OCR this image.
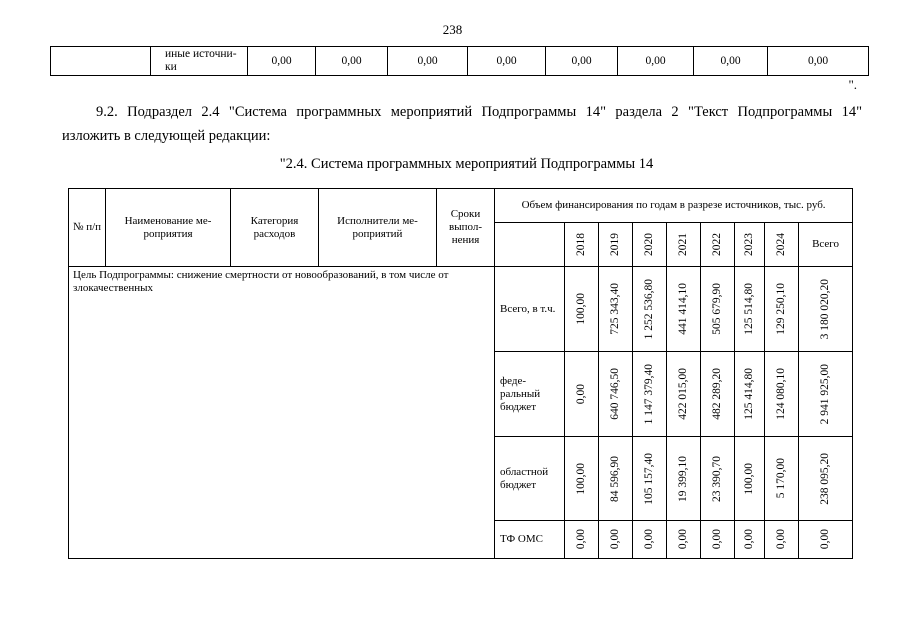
238
	иные источни-ки	0,00	0,00	0,00	0,00	0,00	0,00	0,00	0,00
".
9.2. Подраздел 2.4 "Система программных мероприятий Подпрограммы 14" раздела 2 "Текст Подпрограммы 14"
изложить в следующей редакции:
"2.4. Система программных мероприятий Подпрограммы 14
№ п/п	Наименование ме-роприятия	Категория расходов	Исполнители ме-роприятий	Сроки выпол-нения	Объем финансирования по годам в разрезе источников, тыс. руб.								

						2018	2019	2020	2021	2022	2023	2024	Всего
Цель Подпрограммы: снижение смертности от новообразований, в том числе от злокачественных					Всего, в т.ч.	100,00	725 343,40	1 252 536,80	441 414,10	505 679,90	125 514,80	129 250,10	3 180 020,20

					феде-ральный бюджет	0,00	640 746,50	1 147 379,40	422 015,00	482 289,20	125 414,80	124 080,10	2 941 925,00

					областной бюджет	100,00	84 596,90	105 157,40	19 399,10	23 390,70	100,00	5 170,00	238 095,20

					ТФ ОМС	0,00	0,00	0,00	0,00	0,00	0,00	0,00	0,00
